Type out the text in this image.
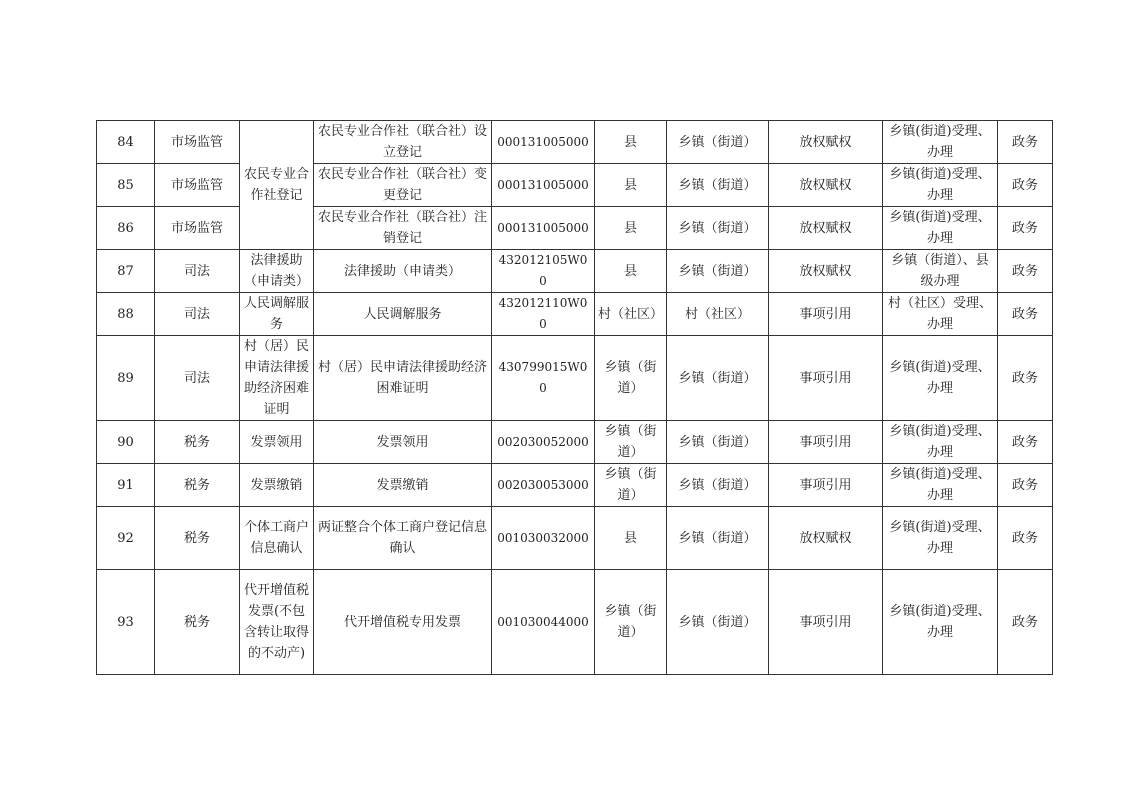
84	市场监管	农民专业合作社登记	农民专业合作社（联合社）设立登记	000131005000	县	乡镇（街道）	放权赋权	乡镇(街道)受理、办理	政务
85	市场监管		农民专业合作社（联合社）变更登记	000131005000	县	乡镇（街道）	放权赋权	乡镇(街道)受理、办理	政务
86	市场监管		农民专业合作社（联合社）注销登记	000131005000	县	乡镇（街道）	放权赋权	乡镇(街道)受理、办理	政务
87	司法	法律援助（申请类）	法律援助（申请类）	432012105W00	县	乡镇（街道）	放权赋权	乡镇（街道）、县级办理	政务
88	司法	人民调解服务	人民调解服务	432012110W00	村（社区）	村（社区）	事项引用	村（社区）受理、办理	政务
89	司法	村（居）民申请法律援助经济困难证明	村（居）民申请法律援助经济困难证明	430799015W00	乡镇（街道）	乡镇（街道）	事项引用	乡镇(街道)受理、办理	政务
90	税务	发票领用	发票领用	002030052000	乡镇（街道）	乡镇（街道）	事项引用	乡镇(街道)受理、办理	政务
91	税务	发票缴销	发票缴销	002030053000	乡镇（街道）	乡镇（街道）	事项引用	乡镇(街道)受理、办理	政务
92	税务	个体工商户信息确认	两证整合个体工商户登记信息确认	001030032000	县	乡镇（街道）	放权赋权	乡镇(街道)受理、办理	政务
93	税务	代开增值税发票(不包含转让取得的不动产)	代开增值税专用发票	001030044000	乡镇（街道）	乡镇（街道）	事项引用	乡镇(街道)受理、办理	政务
